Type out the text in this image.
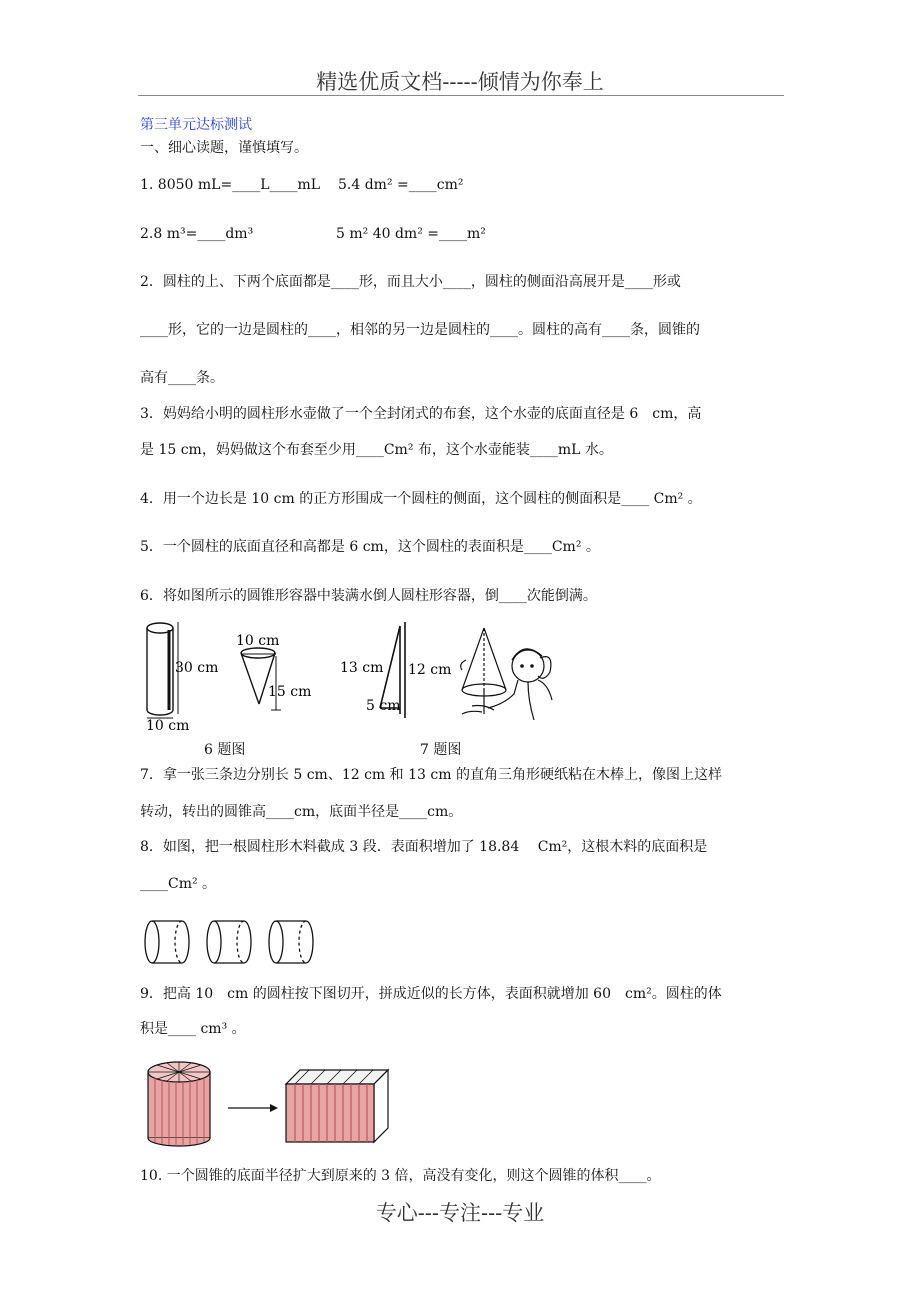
精选优质文档-----倾情为你奉上
第三单元达标测试
一、细心读题，谨慎填写。
1. 8050 mL=____L____mL 5.4 dm² =____cm²
2.8 m³=____dm³	5 m² 40 dm² =____m²
2．圆柱的上、下两个底面都是____形，而且大小____，圆柱的侧面沿高展开是____形或
____形，它的一边是圆柱的____，相邻的另一边是圆柱的____。圆柱的高有____条，圆锥的
高有____条。
3．妈妈给小明的圆柱形水壶做了一个全封闭式的布套，这个水壶的底面直径是 6　cm，高
是 15 cm，妈妈做这个布套至少用____Cm² 布，这个水壶能装____mL 水。
4．用一个边长是 10 cm 的正方形围成一个圆柱的侧面，这个圆柱的侧面积是____ Cm² 。
5．一个圆柱的底面直径和高都是 6 cm，这个圆柱的表面积是____Cm² 。
6．将如图所示的圆锥形容器中装满水倒人圆柱形容器，倒____次能倒满。
30 cm
10 cm
10 cm
15 cm
13 cm 12 cm
5 cm
6 题图	7 题图
7．拿一张三条边分别长 5 cm、12 cm 和 13 cm 的直角三角形硬纸粘在木棒上，像图上这样
转动，转出的圆锥高____cm，底面半径是____cm。
8．如图，把一根圆柱形木料截成 3 段．表面积增加了 18.84　 Cm²，这根木料的底面积是
____Cm² 。
9．把高 10　cm 的圆柱按下图切开，拼成近似的长方体，表面积就增加 60　cm²。圆柱的体
积是____ cm³ 。
10. 一个圆锥的底面半径扩大到原来的 3 倍，高没有变化，则这个圆锥的体积____。
专心---专注---专业
